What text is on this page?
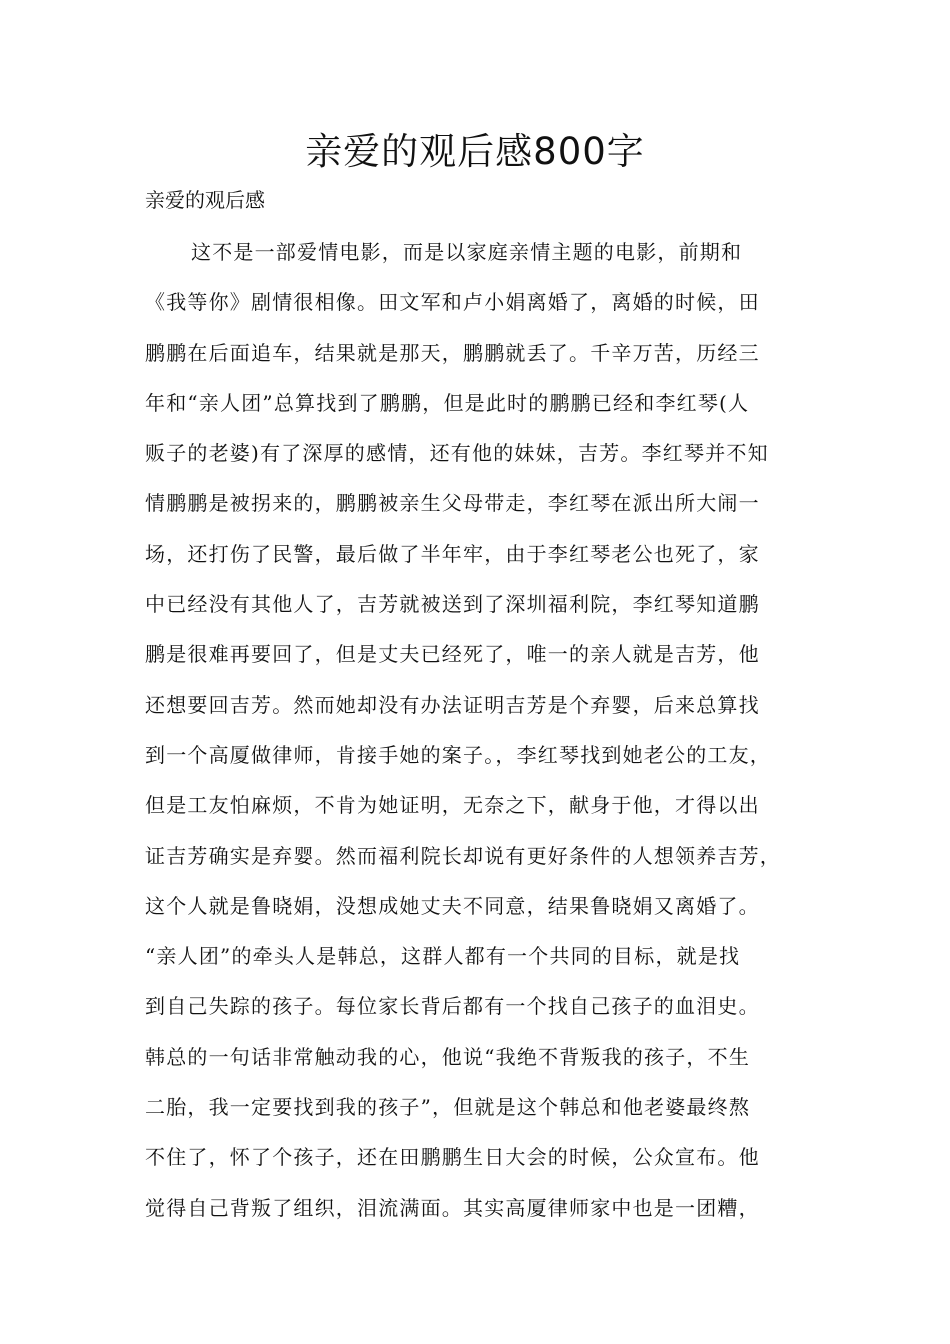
亲爱的观后感800字

亲爱的观后感

这不是一部爱情电影，而是以家庭亲情主题的电影，前期和
《我等你》剧情很相像。田文军和卢小娟离婚了，离婚的时候，田
鹏鹏在后面追车，结果就是那天，鹏鹏就丢了。千辛万苦，历经三
年和“亲人团”总算找到了鹏鹏，但是此时的鹏鹏已经和李红琴(人
贩子的老婆)有了深厚的感情，还有他的妹妹，吉芳。李红琴并不知
情鹏鹏是被拐来的，鹏鹏被亲生父母带走，李红琴在派出所大闹一
场，还打伤了民警，最后做了半年牢，由于李红琴老公也死了，家
中已经没有其他人了，吉芳就被送到了深圳福利院，李红琴知道鹏
鹏是很难再要回了，但是丈夫已经死了，唯一的亲人就是吉芳，他
还想要回吉芳。然而她却没有办法证明吉芳是个弃婴，后来总算找
到一个高厦做律师，肯接手她的案子。，李红琴找到她老公的工友，
但是工友怕麻烦，不肯为她证明，无奈之下，献身于他，才得以出
证吉芳确实是弃婴。然而福利院长却说有更好条件的人想领养吉芳，
这个人就是鲁晓娟，没想成她丈夫不同意，结果鲁晓娟又离婚了。
“亲人团”的牵头人是韩总，这群人都有一个共同的目标，就是找
到自己失踪的孩子。每位家长背后都有一个找自己孩子的血泪史。
韩总的一句话非常触动我的心，他说“我绝不背叛我的孩子，不生
二胎，我一定要找到我的孩子”，但就是这个韩总和他老婆最终熬
不住了，怀了个孩子，还在田鹏鹏生日大会的时候，公众宣布。他
觉得自己背叛了组织，泪流满面。其实高厦律师家中也是一团糟，
